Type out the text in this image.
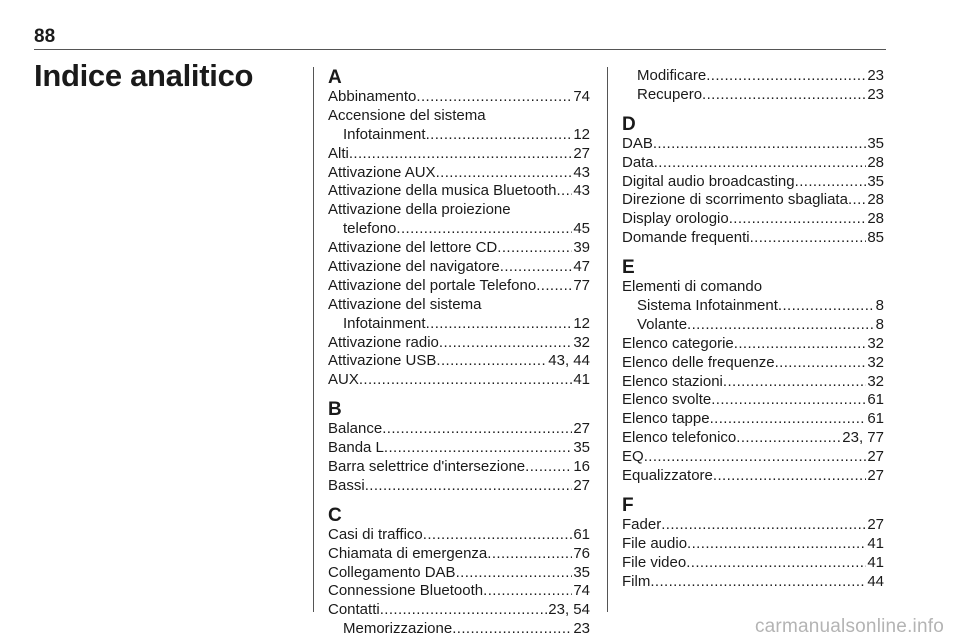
88
Indice analitico	A
Abbinamento .....	74
Accensione del sistema
Infotainment .....	12
Alti .....	27
Attivazione AUX .....	43
Attivazione della musica Bluetooth ..... 43
Attivazione della proiezione
telefono .....	45
Attivazione del lettore CD .....	39
Attivazione del navigatore .....	47
Attivazione del portale Telefono ..... 77
Attivazione del sistema
Infotainment .....	12
Attivazione radio .....	32
Attivazione USB .....	43, 44
AUX .....	41
B
Balance .....	27
Banda L .....	35
Barra selettrice d'intersezione .....	16
Bassi .....	27
C
Casi di traffico .....	61
Chiamata di emergenza .....	76
Collegamento DAB .....	35
Connessione Bluetooth .....	74
Contatti .....	23, 54
Memorizzazione .....	23
Modificare .....	23
Recupero .....	23
D
DAB .....	35
Data .....	28
Digital audio broadcasting .....	35
Direzione di scorrimento sbagliata ..... 28
Display orologio .....	28
Domande frequenti .....	85
E
Elementi di comando
Sistema Infotainment .....	8
Volante .....	8
Elenco categorie .....	32
Elenco delle frequenze .....	32
Elenco stazioni .....	32
Elenco svolte .....	61
Elenco tappe .....	61
Elenco telefonico .....	23, 77
EQ .....	27
Equalizzatore .....	27
F
Fader .....	27
File audio .....	41
File video .....	41
Film .....	44
carmanualsonline.info
